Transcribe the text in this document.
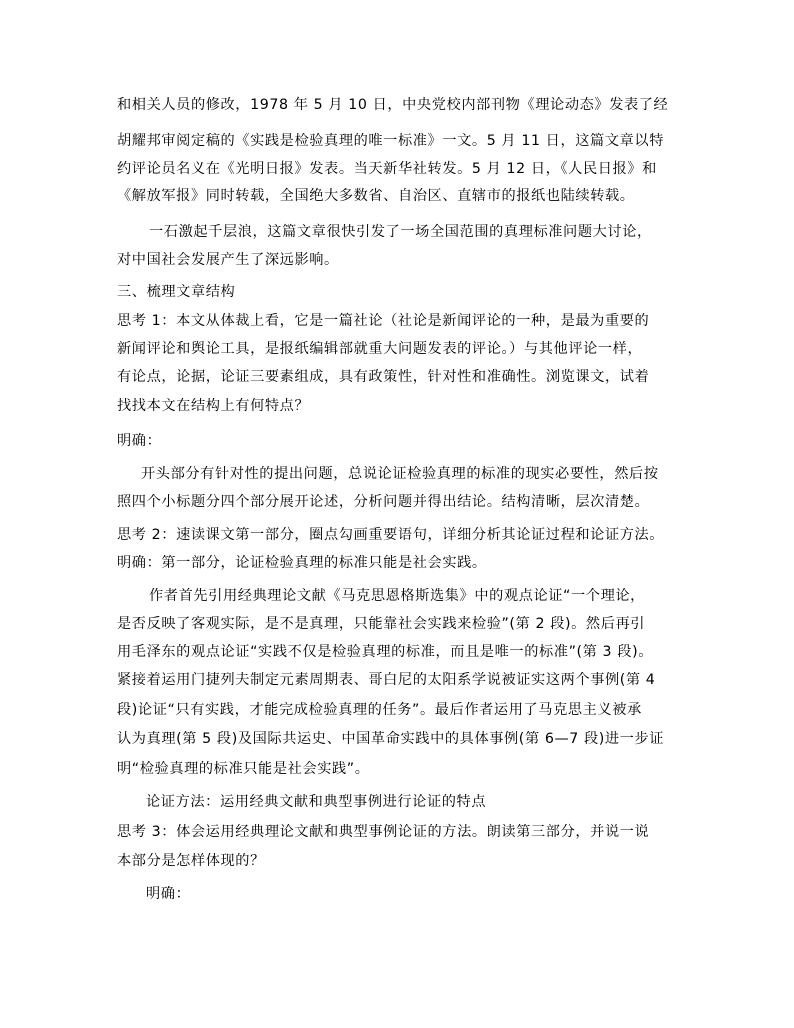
和相关人员的修改，1978 年 5 月 10 日，中央党校内部刊物《理论动态》发表了经
胡耀邦审阅定稿的《实践是检验真理的唯一标准》一文。5 月 11 日，这篇文章以特
约评论员名义在《光明日报》发表。当天新华社转发。5 月 12 日，《人民日报》和
《解放军报》同时转载，全国绝大多数省、自治区、直辖市的报纸也陆续转载。
一石激起千层浪，这篇文章很快引发了一场全国范围的真理标准问题大讨论，
对中国社会发展产生了深远影响。
三、梳理文章结构
思考 1：本文从体裁上看，它是一篇社论（社论是新闻评论的一种，是最为重要的
新闻评论和舆论工具，是报纸编辑部就重大问题发表的评论。）与其他评论一样，
有论点，论据，论证三要素组成，具有政策性，针对性和准确性。浏览课文，试着
找找本文在结构上有何特点？
明确：
开头部分有针对性的提出问题，总说论证检验真理的标准的现实必要性，然后按
照四个小标题分四个部分展开论述，分析问题并得出结论。结构清晰，层次清楚。
思考 2：速读课文第一部分，圈点勾画重要语句，详细分析其论证过程和论证方法。
明确：第一部分，论证检验真理的标准只能是社会实践。
作者首先引用经典理论文献《马克思恩格斯选集》中的观点论证“一个理论，
是否反映了客观实际，是不是真理，只能靠社会实践来检验”(第 2 段)。然后再引
用毛泽东的观点论证“实践不仅是检验真理的标准，而且是唯一的标准”(第 3 段)。
紧接着运用门捷列夫制定元素周期表、哥白尼的太阳系学说被证实这两个事例(第 4
段)论证“只有实践，才能完成检验真理的任务”。最后作者运用了马克思主义被承
认为真理(第 5 段)及国际共运史、中国革命实践中的具体事例(第 6—7 段)进一步证
明“检验真理的标准只能是社会实践”。
论证方法：运用经典文献和典型事例进行论证的特点
思考 3：体会运用经典理论文献和典型事例论证的方法。朗读第三部分，并说一说
本部分是怎样体现的？
明确：
